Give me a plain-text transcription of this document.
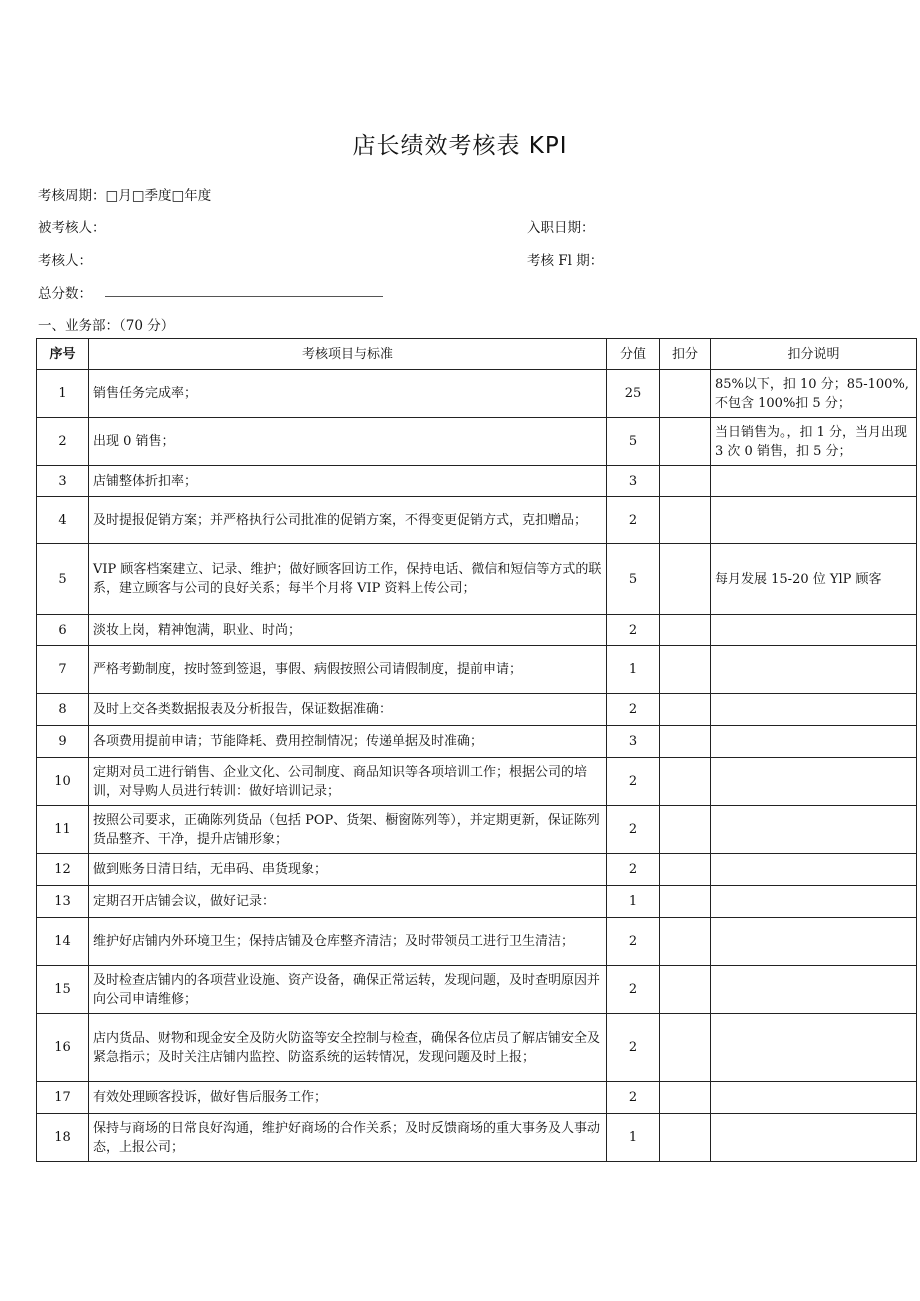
店长绩效考核表 KPI
考核周期：□月□季度□年度
被考核人：	入职日期：
考核人：	考核 Fl 期：
总分数：
一、业务部：（70 分）
序号	考核项目与标准	分值	扣分	扣分说明
1	销售任务完成率；	25		85%以下，扣 10 分；85-100%,不包含 100%扣 5 分；
2	出现 0 销售；	5		当日销售为。，扣 1 分，当月出现 3 次 0 销售，扣 5 分；
3	店铺整体折扣率；	3		
4	及时提报促销方案；并严格执行公司批准的促销方案，不得变更促销方式，克扣赠品；	2		
5	VIP 顾客档案建立、记录、维护；做好顾客回访工作，保持电话、微信和短信等方式的联系，建立顾客与公司的良好关系；每半个月将 VIP 资料上传公司；	5		每月发展 15-20 位 YlP 顾客
6	淡妆上岗，精神饱满，职业、时尚；	2		
7	严格考勤制度，按时签到签退，事假、病假按照公司请假制度，提前申请；	1		
8	及时上交各类数据报表及分析报告，保证数据准确：	2		
9	各项费用提前申请；节能降耗、费用控制情况；传递单据及时准确；	3		
10	定期对员工进行销售、企业文化、公司制度、商品知识等各项培训工作；根据公司的培训，对导购人员进行转训：做好培训记录；	2		
11	按照公司要求，正确陈列货品（包括 POP、货架、橱窗陈列等），并定期更新，保证陈列货品整齐、干净，提升店铺形象；	2		
12	做到账务日清日结，无串码、串货现象；	2		
13	定期召开店铺会议，做好记录：	1		
14	维护好店铺内外环境卫生；保持店铺及仓库整齐清洁；及时带领员工进行卫生清洁；	2		
15	及时检查店铺内的各项营业设施、资产设备，确保正常运转，发现问题，及时查明原因并向公司申请维修；	2		
16	店内货品、财物和现金安全及防火防盗等安全控制与检查，确保各位店员了解店铺安全及紧急指示；及时关注店铺内监控、防盗系统的运转情况，发现问题及时上报；	2		
17	有效处理顾客投诉，做好售后服务工作；	2		
18	保持与商场的日常良好沟通，维护好商场的合作关系；及时反馈商场的重大事务及人事动态，上报公司；	1		
